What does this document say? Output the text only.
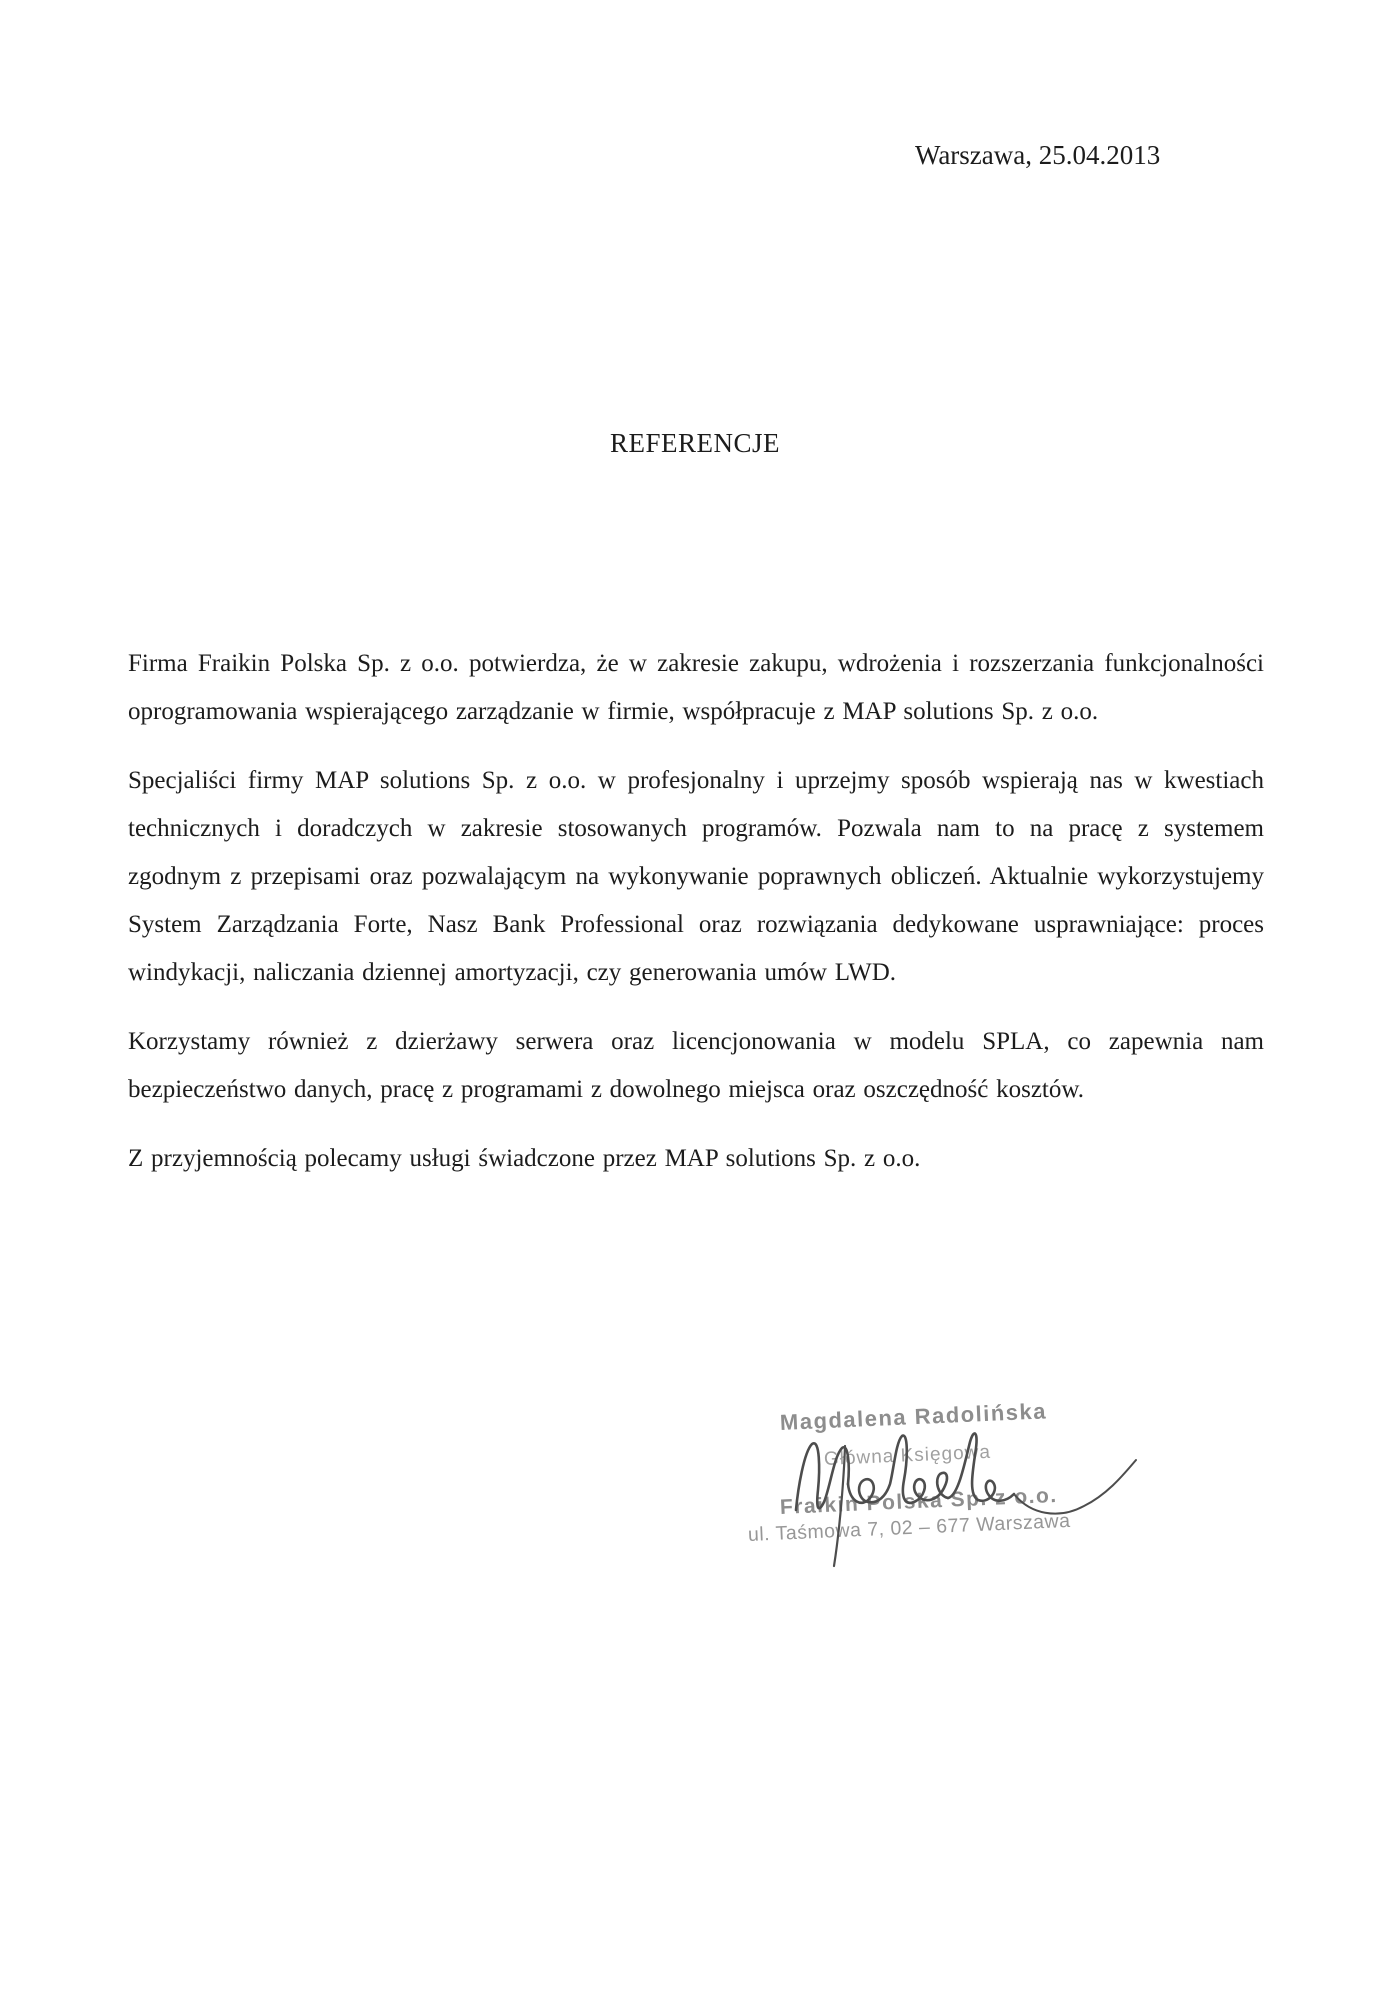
Warszawa, 25.04.2013
REFERENCJE

Firma Fraikin Polska Sp. z o.o. potwierdza, że w zakresie zakupu, wdrożenia i rozszerzania funkcjonalności oprogramowania wspierającego zarządzanie w firmie, współpracuje z MAP solutions Sp. z o.o.

Specjaliści firmy MAP solutions Sp. z o.o. w profesjonalny i uprzejmy sposób wspierają nas w kwestiach technicznych i doradczych w zakresie stosowanych programów. Pozwala nam to na pracę z systemem zgodnym z przepisami oraz pozwalającym na wykonywanie poprawnych obliczeń. Aktualnie wykorzystujemy System Zarządzania Forte, Nasz Bank Professional oraz rozwiązania dedykowane usprawniające: proces windykacji, naliczania dziennej amortyzacji, czy generowania umów LWD.

Korzystamy również z dzierżawy serwera oraz licencjonowania w modelu SPLA, co zapewnia nam bezpieczeństwo danych, pracę z programami z dowolnego miejsca oraz oszczędność kosztów.

Z przyjemnością polecamy usługi świadczone przez MAP solutions Sp. z o.o.

Magdalena Radolińska
Główna Księgowa
Fraikin Polska Sp. z o.o.
ul. Taśmowa 7, 02 – 677 Warszawa
